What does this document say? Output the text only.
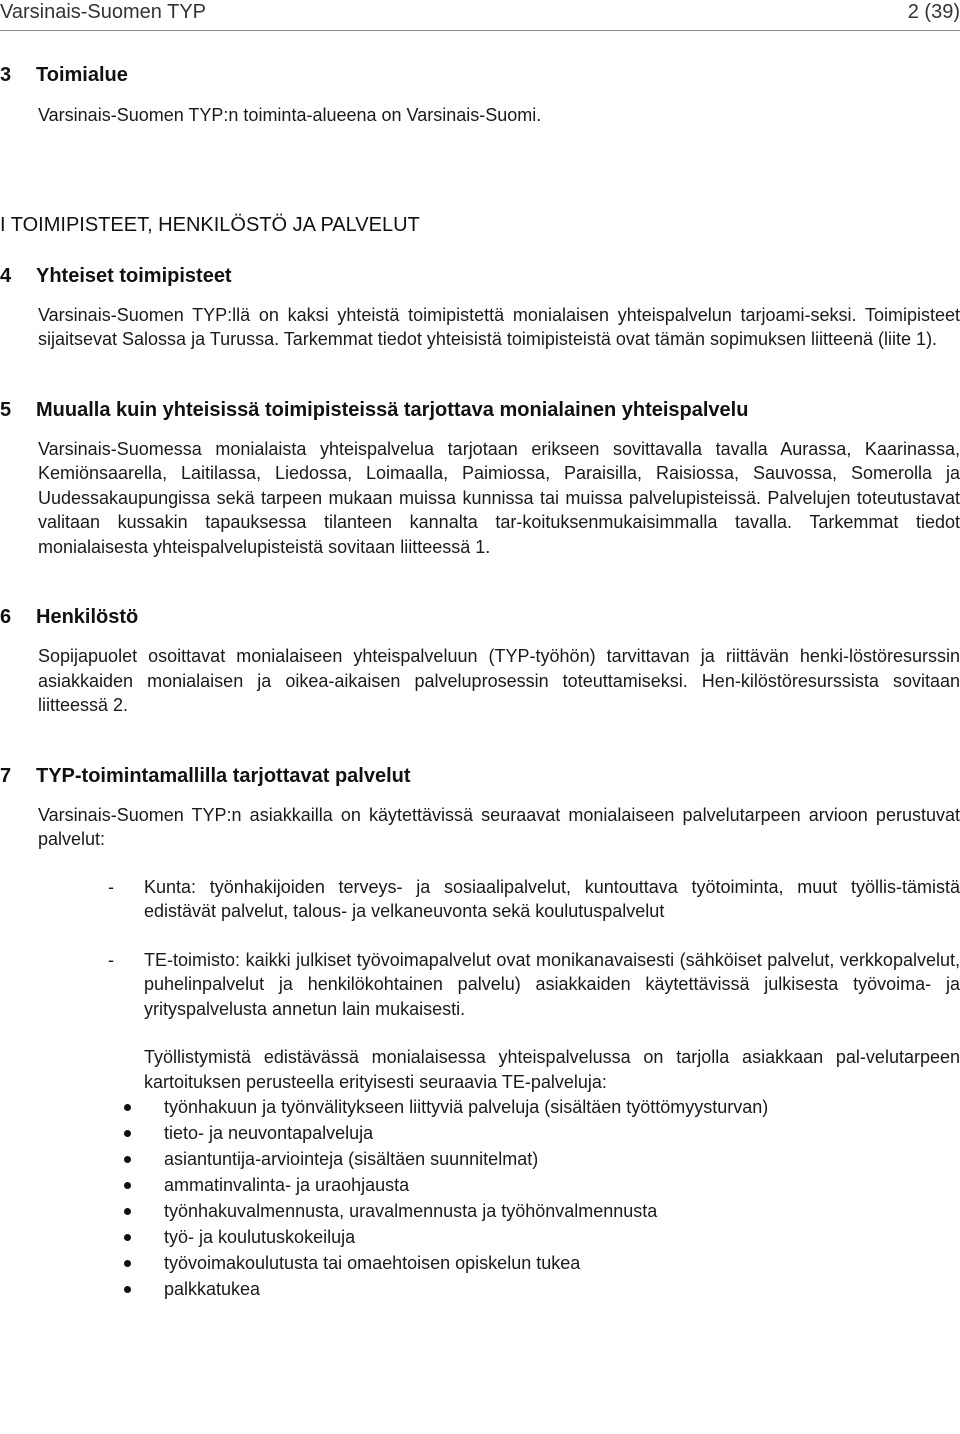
Varsinais-Suomen TYP	2 (39)
3 Toimialue

Varsinais-Suomen TYP:n toiminta-alueena on Varsinais-Suomi.

I TOIMIPISTEET, HENKILÖSTÖ JA PALVELUT
4 Yhteiset toimipisteet

Varsinais-Suomen TYP:llä on kaksi yhteistä toimipistettä monialaisen yhteispalvelun tarjoami-seksi. Toimipisteet sijaitsevat Salossa ja Turussa. Tarkemmat tiedot yhteisistä toimipisteistä ovat tämän sopimuksen liitteenä (liite 1).

5 Muualla kuin yhteisissä toimipisteissä tarjottava monialainen yhteispalvelu

Varsinais-Suomessa monialaista yhteispalvelua tarjotaan erikseen sovittavalla tavalla Aurassa, Kaarinassa, Kemiönsaarella, Laitilassa, Liedossa, Loimaalla, Paimiossa, Paraisilla, Raisiossa, Sauvossa, Somerolla ja Uudessakaupungissa sekä tarpeen mukaan muissa kunnissa tai muissa palvelupisteissä. Palvelujen toteutustavat valitaan kussakin tapauksessa tilanteen kannalta tar-koituksenmukaisimmalla tavalla. Tarkemmat tiedot monialaisesta yhteispalvelupisteistä sovitaan liitteessä 1.

6 Henkilöstö

Sopijapuolet osoittavat monialaiseen yhteispalveluun (TYP-työhön) tarvittavan ja riittävän henki-löstöresurssin asiakkaiden monialaisen ja oikea-aikaisen palveluprosessin toteuttamiseksi. Hen-kilöstöresurssista sovitaan liitteessä 2.

7 TYP-toimintamallilla tarjottavat palvelut

Varsinais-Suomen TYP:n asiakkailla on käytettävissä seuraavat monialaiseen palvelutarpeen arvioon perustuvat palvelut:

- Kunta: työnhakijoiden terveys- ja sosiaalipalvelut, kuntouttava työtoiminta, muut työllis-tämistä edistävät palvelut, talous- ja velkaneuvonta sekä koulutuspalvelut
- TE-toimisto: kaikki julkiset työvoimapalvelut ovat monikanavaisesti (sähköiset palvelut, verkkopalvelut, puhelinpalvelut ja henkilökohtainen palvelu) asiakkaiden käytettävissä julkisesta työvoima- ja yrityspalvelusta annetun lain mukaisesti.
Työllistymistä edistävässä monialaisessa yhteispalvelussa on tarjolla asiakkaan pal-velutarpeen kartoituksen perusteella erityisesti seuraavia TE-palveluja:
työnhakuun ja työnvälitykseen liittyviä palveluja (sisältäen työttömyysturvan)
tieto- ja neuvontapalveluja
asiantuntija-arviointeja (sisältäen suunnitelmat)
ammatinvalinta- ja uraohjausta
työnhakuvalmennusta, uravalmennusta ja työhönvalmennusta
työ- ja koulutuskokeiluja
työvoimakoulutusta tai omaehtoisen opiskelun tukea
palkkatukea
